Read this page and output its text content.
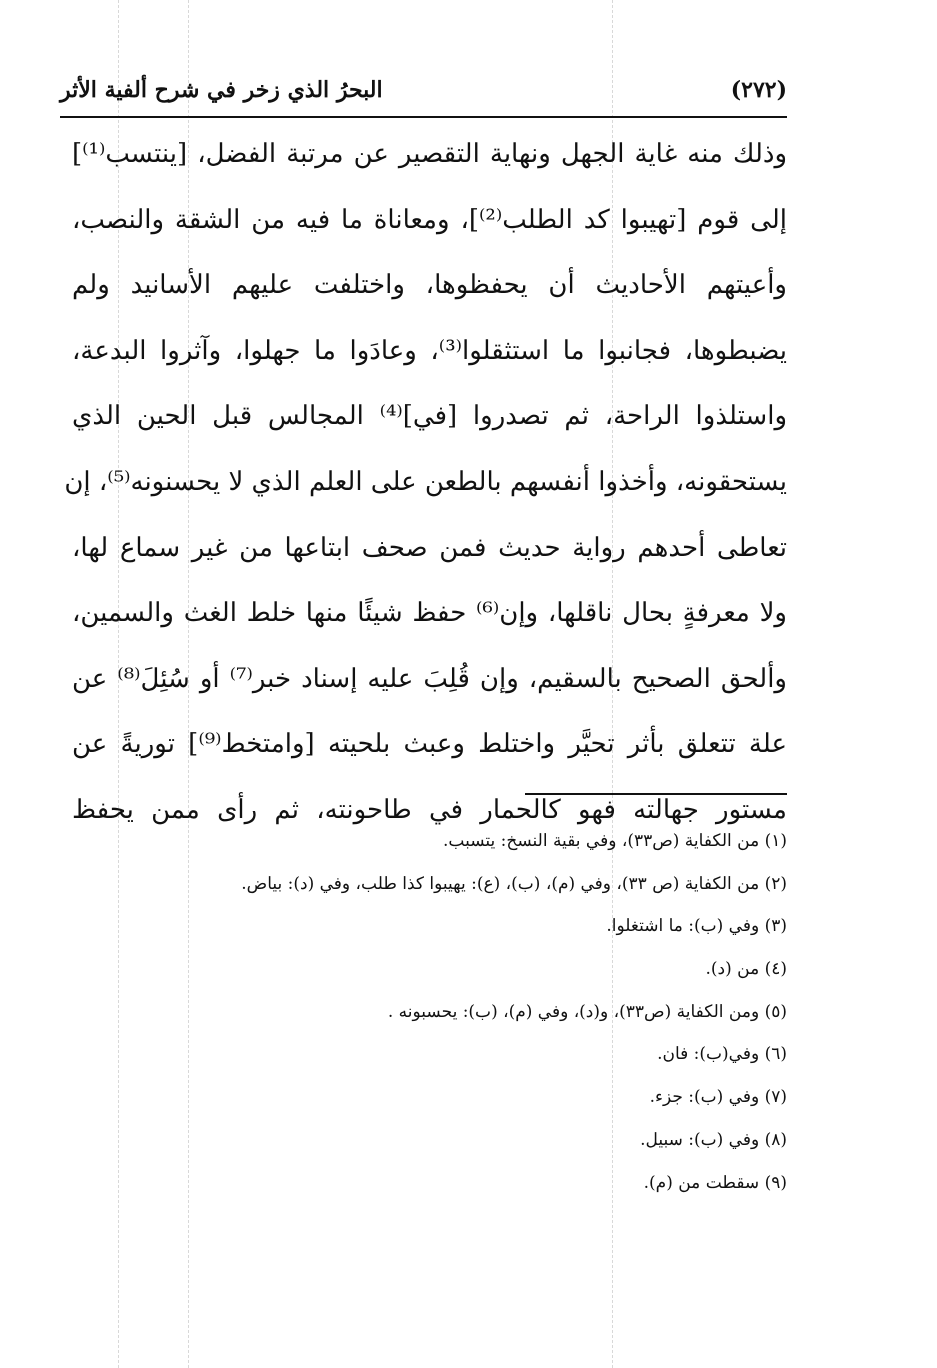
(٢٧٢)
البحرُ الذي زخر في شرح ألفية الأثر
وذلك منه غاية الجهل ونهاية التقصير عن مرتبة الفضل، [ينتسب⁽¹⁾]
إلى قوم [تهيبوا كد الطلب⁽²⁾]، ومعاناة ما فيه من الشقة والنصب،
وأعيتهم الأحاديث أن يحفظوها، واختلفت عليهم الأسانيد ولم
يضبطوها، فجانبوا ما استثقلوا⁽³⁾، وعادَوا ما جهلوا، وآثروا البدعة،
واستلذوا الراحة، ثم تصدروا [في]⁽⁴⁾ المجالس قبل الحين الذي
يستحقونه، وأخذوا أنفسهم بالطعن على العلم الذي لا يحسنونه⁽⁵⁾، إن
تعاطى أحدهم رواية حديث فمن صحف ابتاعها من غير سماع لها،
ولا معرفةٍ بحال ناقلها، وإن⁽⁶⁾ حفظ شيئًا منها خلط الغث والسمين،
وألحق الصحيح بالسقيم، وإن قُلِبَ عليه إسناد خبر⁽⁷⁾ أو سُئِلَ⁽⁸⁾ عن
علة تتعلق بأثر تحيَّر واختلط وعبث بلحيته [وامتخط⁽⁹⁾] توريةً عن
مستور جهالته فهو كالحمار في طاحونته، ثم رأى ممن يحفظ
(١) من الكفاية (ص٣٣)، وفي بقية النسخ: يتسبب.
(٢) من الكفاية (ص ٣٣)، وفي (م)، (ب)، (ع): يهيبوا كذا طلب، وفي (د): بياض.
(٣) وفي (ب): ما اشتغلوا.
(٤) من (د).
(٥) ومن الكفاية (ص٣٣)، و(د)، وفي (م)، (ب): يحسبونه .
(٦) وفي(ب): فان.
(٧) وفي (ب): جزء.
(٨) وفي (ب): سبيل.
(٩) سقطت من (م).
